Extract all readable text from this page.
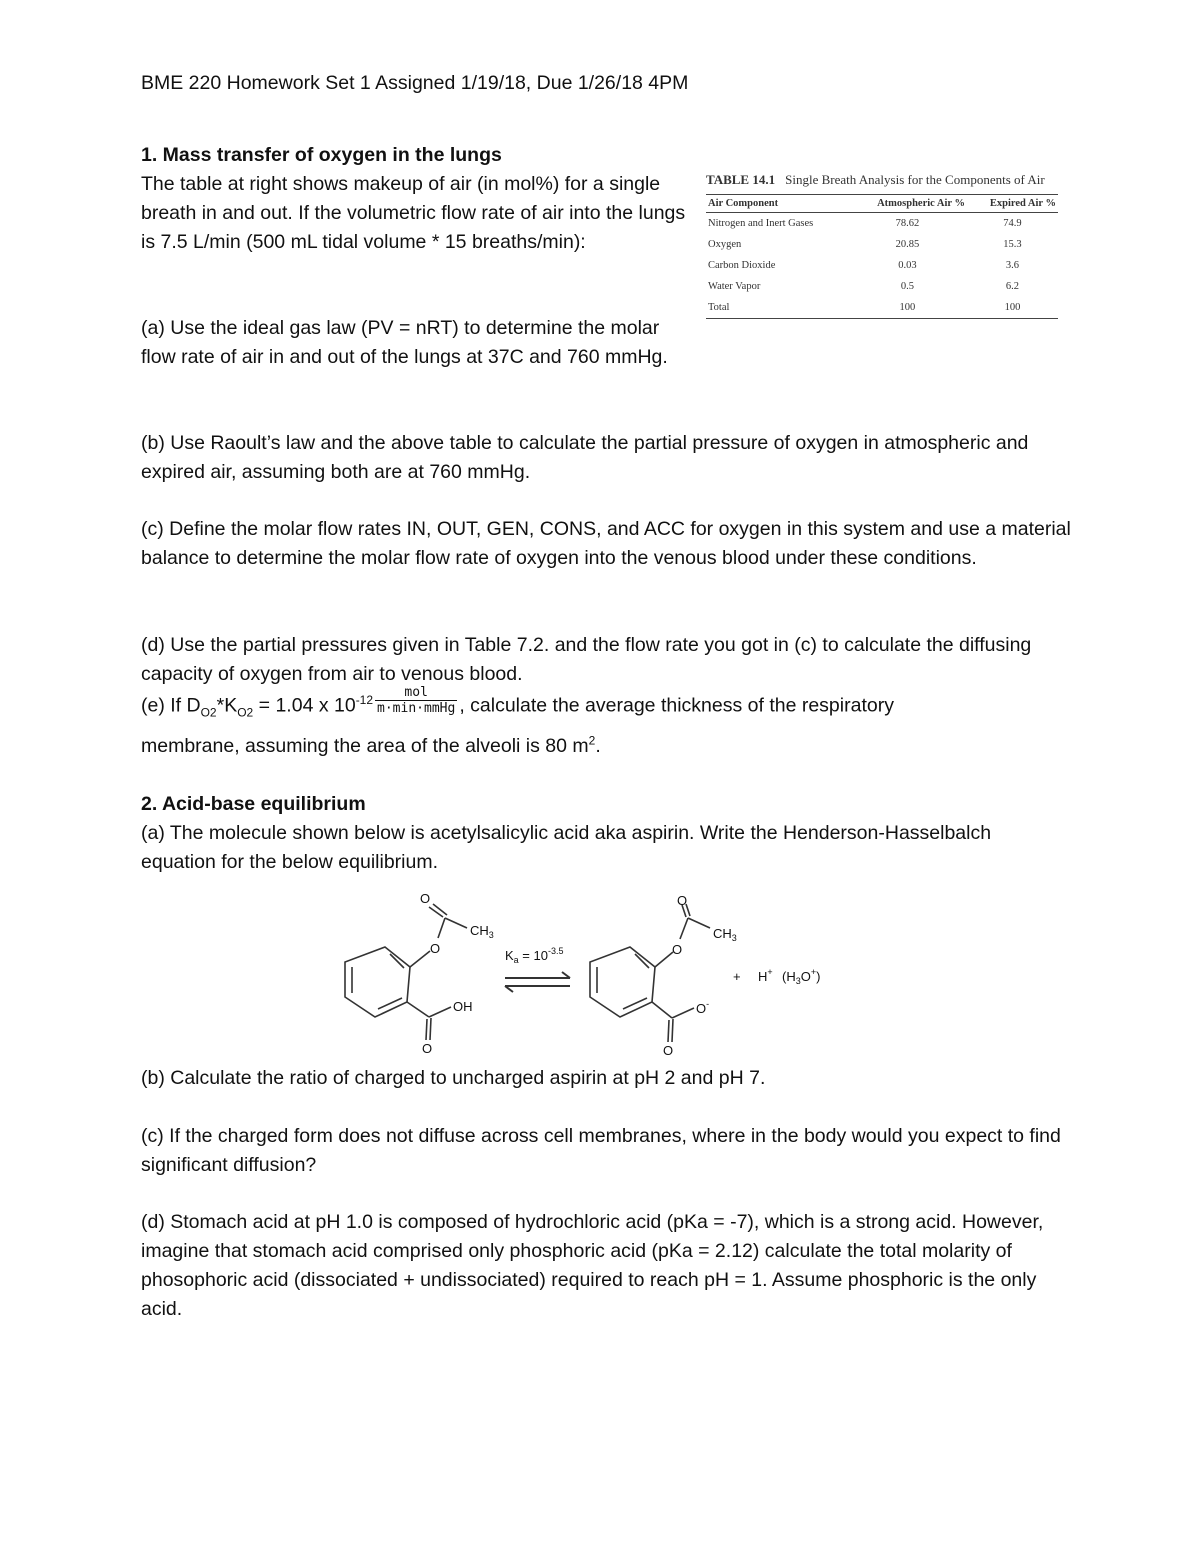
BME 220 Homework Set 1 Assigned 1/19/18, Due 1/26/18 4PM
1. Mass transfer of oxygen in the lungs
The table at right shows makeup of air (in mol%) for a single breath in and out. If the volumetric flow rate of air into the lungs is 7.5 L/min (500 mL tidal volume * 15 breaths/min):
(a) Use the ideal gas law (PV = nRT) to determine the molar flow rate of air in and out of the lungs at 37C and 760 mmHg.
TABLE 14.1 Single Breath Analysis for the Components of Air
Air Component	Atmospheric Air %	Expired Air %
Nitrogen and Inert Gases	78.62	74.9
Oxygen	20.85	15.3
Carbon Dioxide	0.03	3.6
Water Vapor	0.5	6.2
Total	100	100
(b) Use Raoult’s law and the above table to calculate the partial pressure of oxygen in atmospheric and expired air, assuming both are at 760 mmHg.
(c) Define the molar flow rates IN, OUT, GEN, CONS, and ACC for oxygen in this system and use a material balance to determine the molar flow rate of oxygen into the venous blood under these conditions.
(d) Use the partial pressures given in Table 7.2. and the flow rate you got in (c) to calculate the diffusing capacity of oxygen from air to venous blood.
(e) If $D_{O2}*K_{O2} = 1.04$ x $10^{-12} \frac{\text{mol}}{\text{m·min·mmHg}}$ , calculate the average thickness of the respiratory
membrane, assuming the area of the alveoli is 80 $m^2$.
2. Acid-base equilibrium
(a) The molecule shown below is acetylsalicylic acid aka aspirin. Write the Henderson-Hasselbalch equation for the below equilibrium.
O
$CH_3$
O
OH
O
$K_a = 10^{-3.5}$
O
$CH_3$
O
O-
O
+ H+ $(H_3O^+)$
(b) Calculate the ratio of charged to uncharged aspirin at pH 2 and pH 7.
(c) If the charged form does not diffuse across cell membranes, where in the body would you expect to find significant diffusion?
(d) Stomach acid at pH 1.0 is composed of hydrochloric acid (pKa = -7), which is a strong acid. However, imagine that stomach acid comprised only phosphoric acid (pKa = 2.12) calculate the total molarity of phosophoric acid (dissociated + undissociated) required to reach pH = 1. Assume phosphoric is the only acid.
